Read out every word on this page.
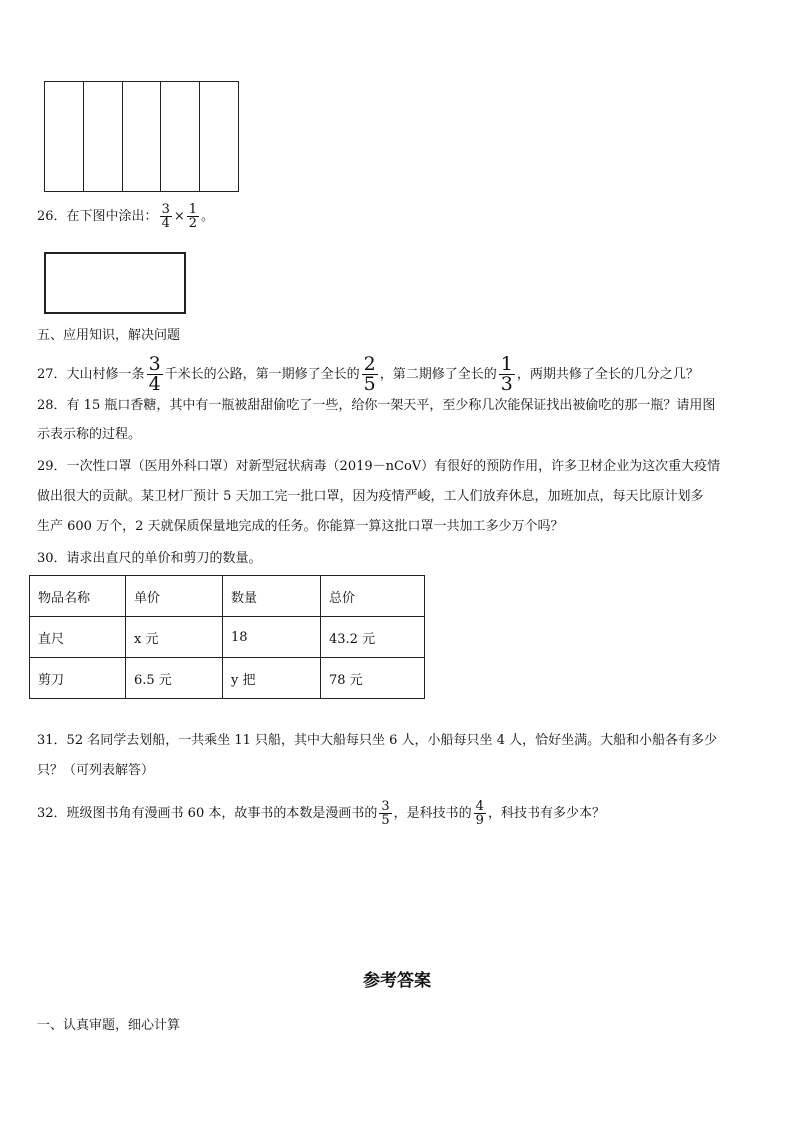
26．在下图中涂出： $\frac{3}{4} \times \frac{1}{2}$ 。
五、应用知识，解决问题
27．大山村修一条 $\frac{3}{4}$ 千米长的公路，第一期修了全长的 $\frac{2}{5}$ ，第二期修了全长的 $\frac{1}{3}$ ，两期共修了全长的几分之几？
28．有 15 瓶口香糖，其中有一瓶被甜甜偷吃了一些，给你一架天平，至少称几次能保证找出被偷吃的那一瓶？请用图
示表示称的过程。
29．一次性口罩（医用外科口罩）对新型冠状病毒（2019－nCoV）有很好的预防作用，许多卫材企业为这次重大疫情
做出很大的贡献。某卫材厂预计 5 天加工完一批口罩，因为疫情严峻，工人们放弃休息，加班加点，每天比原计划多
生产 600 万个，2 天就保质保量地完成的任务。你能算一算这批口罩一共加工多少万个吗？
30．请求出直尺的单价和剪刀的数量。
物品名称	单价	数量	总价
直尺	x 元	18	43.2 元
剪刀	6.5 元	y 把	78 元
31．52 名同学去划船，一共乘坐 11 只船，其中大船每只坐 6 人，小船每只坐 4 人，恰好坐满。大船和小船各有多少
只？（可列表解答）
32．班级图书角有漫画书 60 本，故事书的本数是漫画书的 $\frac{3}{5}$ ，是科技书的 $\frac{4}{9}$ ，科技书有多少本？
参考答案
一、认真审题，细心计算
